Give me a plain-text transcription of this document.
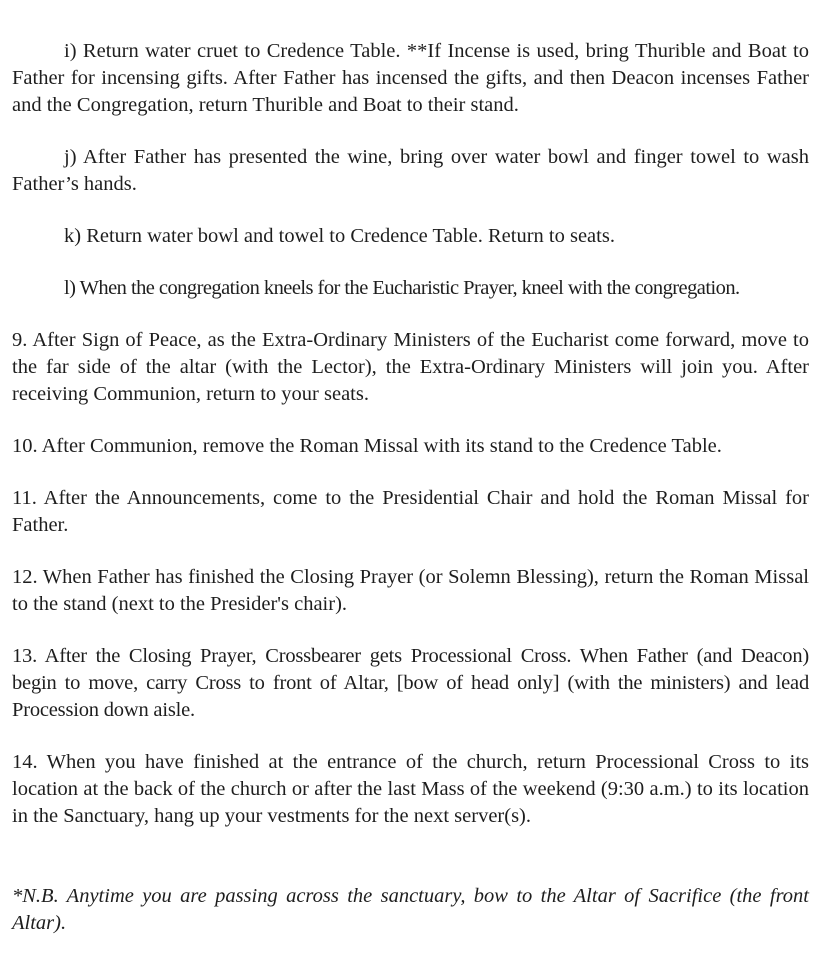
i) Return water cruet to Credence Table. **If Incense is used, bring Thurible and Boat to Father for incensing gifts. After Father has incensed the gifts, and then Deacon incenses Father and the Congregation, return Thurible and Boat to their stand.

j) After Father has presented the wine, bring over water bowl and finger towel to wash Father’s hands.

k) Return water bowl and towel to Credence Table. Return to seats.

l) When the congregation kneels for the Eucharistic Prayer, kneel with the congregation.

9. After Sign of Peace, as the Extra-Ordinary Ministers of the Eucharist come forward, move to the far side of the altar (with the Lector), the Extra-Ordinary Ministers will join you. After receiving Communion, return to your seats.

10. After Communion, remove the Roman Missal with its stand to the Credence Table.

11. After the Announcements, come to the Presidential Chair and hold the Roman Missal for Father.

12. When Father has finished the Closing Prayer (or Solemn Blessing), return the Roman Missal to the stand (next to the Presider's chair).

13. After the Closing Prayer, Crossbearer gets Processional Cross. When Father (and Deacon) begin to move, carry Cross to front of Altar, [bow of head only] (with the ministers) and lead Procession down aisle.

14. When you have finished at the entrance of the church, return Processional Cross to its location at the back of the church or after the last Mass of the weekend (9:30 a.m.) to its location in the Sanctuary, hang up your vestments for the next server(s).

*N.B. Anytime you are passing across the sanctuary, bow to the Altar of Sacrifice (the front Altar).
